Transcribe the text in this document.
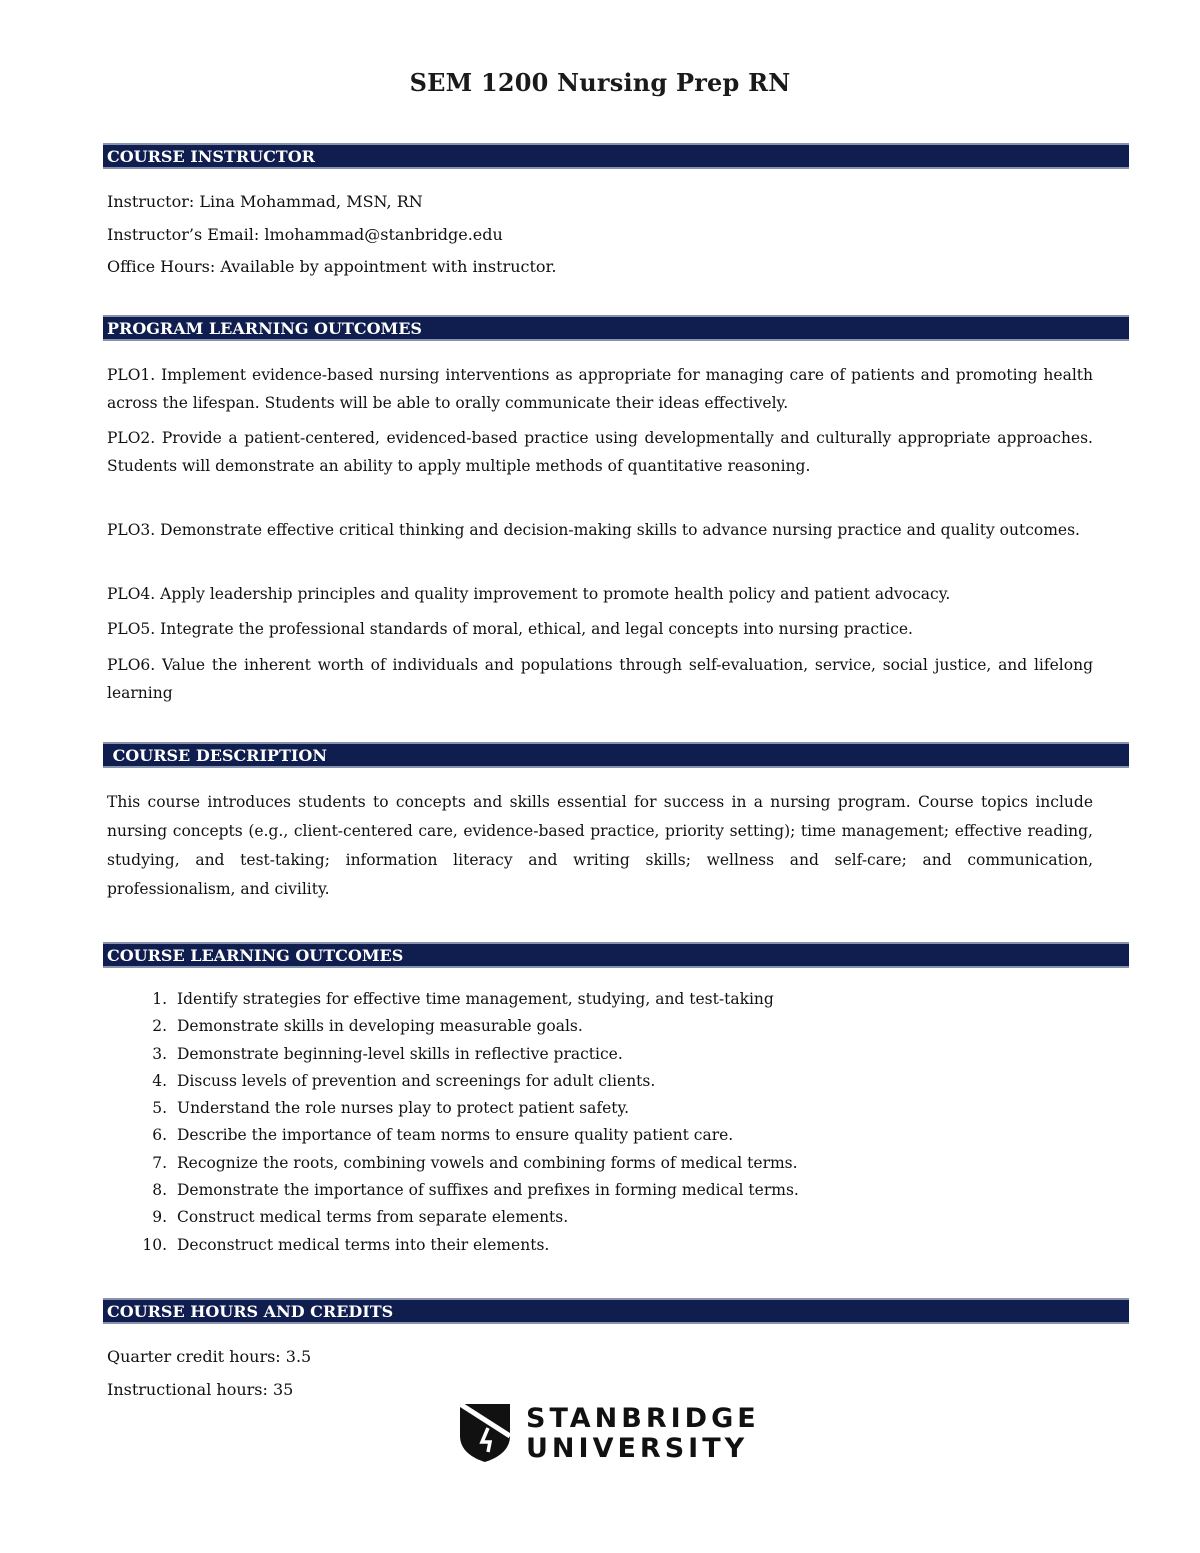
SEM 1200 Nursing Prep RN
COURSE INSTRUCTOR
Instructor: Lina Mohammad, MSN, RN
Instructor’s Email: lmohammad@stanbridge.edu
Office Hours: Available by appointment with instructor.
PROGRAM LEARNING OUTCOMES
PLO1. Implement evidence-based nursing interventions as appropriate for managing care of patients and promoting health across the lifespan. Students will be able to orally communicate their ideas effectively.
PLO2. Provide a patient-centered, evidenced-based practice using developmentally and culturally appropriate approaches. Students will demonstrate an ability to apply multiple methods of quantitative reasoning.
PLO3. Demonstrate effective critical thinking and decision-making skills to advance nursing practice and quality outcomes.
PLO4. Apply leadership principles and quality improvement to promote health policy and patient advocacy.
PLO5. Integrate the professional standards of moral, ethical, and legal concepts into nursing practice.
PLO6. Value the inherent worth of individuals and populations through self-evaluation, service, social justice, and lifelong learning
COURSE DESCRIPTION
This course introduces students to concepts and skills essential for success in a nursing program. Course topics include nursing concepts (e.g., client-centered care, evidence-based practice, priority setting); time management; effective reading, studying, and test-taking; information literacy and writing skills; wellness and self-care; and communication, professionalism, and civility.
COURSE LEARNING OUTCOMES
1. Identify strategies for effective time management, studying, and test-taking
2. Demonstrate skills in developing measurable goals.
3. Demonstrate beginning-level skills in reflective practice.
4. Discuss levels of prevention and screenings for adult clients.
5. Understand the role nurses play to protect patient safety.
6. Describe the importance of team norms to ensure quality patient care.
7. Recognize the roots, combining vowels and combining forms of medical terms.
8. Demonstrate the importance of suffixes and prefixes in forming medical terms.
9. Construct medical terms from separate elements.
10. Deconstruct medical terms into their elements.
COURSE HOURS AND CREDITS
Quarter credit hours: 3.5
Instructional hours: 35
STANBRIDGE
UNIVERSITY
